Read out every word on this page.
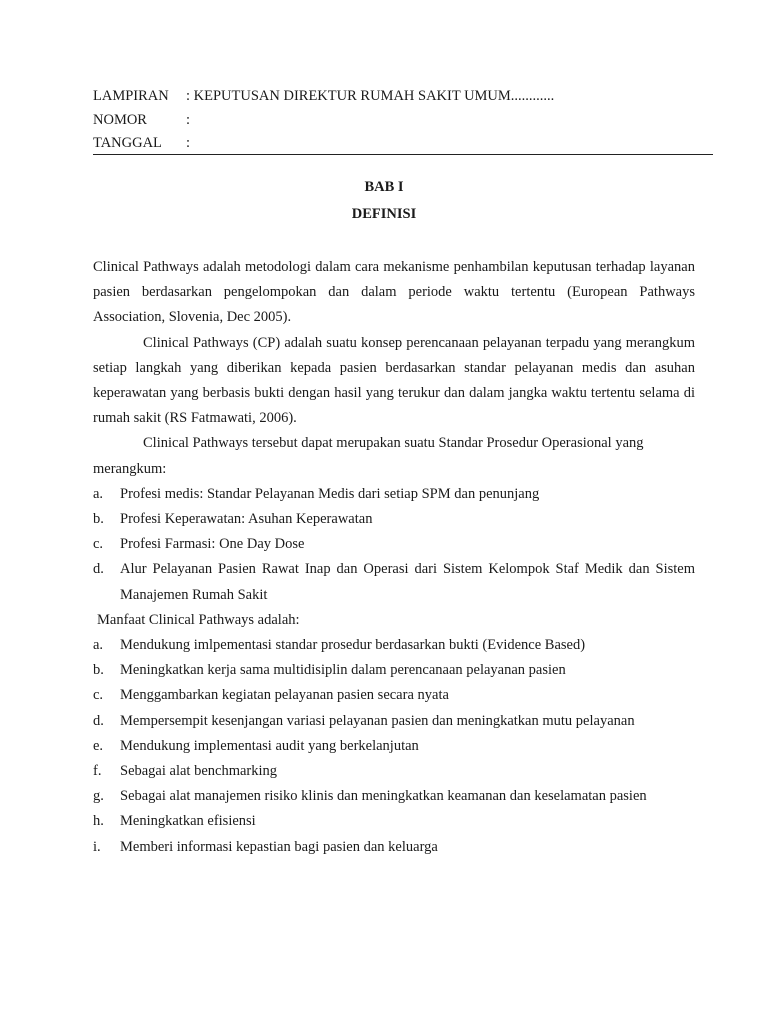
LAMPIRAN	: KEPUTUSAN DIREKTUR RUMAH SAKIT UMUM............
NOMOR	:
TANGGAL	:
BAB I
DEFINISI

Clinical Pathways adalah metodologi dalam cara mekanisme penhambilan keputusan terhadap layanan pasien berdasarkan pengelompokan dan dalam periode waktu tertentu (European Pathways Association, Slovenia, Dec 2005).

Clinical Pathways (CP) adalah suatu konsep perencanaan pelayanan terpadu yang merangkum setiap langkah yang diberikan kepada pasien berdasarkan standar pelayanan medis dan asuhan keperawatan yang berbasis bukti dengan hasil yang terukur dan dalam jangka waktu tertentu selama di rumah sakit (RS Fatmawati, 2006).

Clinical Pathways tersebut dapat merupakan suatu Standar Prosedur Operasional yang

merangkum:

a.	Profesi medis: Standar Pelayanan Medis dari setiap SPM dan penunjang
b.	Profesi Keperawatan: Asuhan Keperawatan
c.	Profesi Farmasi: One Day Dose
d.	Alur Pelayanan Pasien Rawat Inap dan Operasi dari Sistem Kelompok Staf Medik dan Sistem Manajemen Rumah Sakit
Manfaat Clinical Pathways adalah:
a.	Mendukung imlpementasi standar prosedur berdasarkan bukti (Evidence Based)
b.	Meningkatkan kerja sama multidisiplin dalam perencanaan pelayanan pasien
c.	Menggambarkan kegiatan pelayanan pasien secara nyata
d.	Mempersempit kesenjangan variasi pelayanan pasien dan meningkatkan mutu pelayanan
e.	Mendukung implementasi audit yang berkelanjutan
f.	Sebagai alat benchmarking
g.	Sebagai alat manajemen risiko klinis dan meningkatkan keamanan dan keselamatan pasien
h.	Meningkatkan efisiensi
i.	Memberi informasi kepastian bagi pasien dan keluarga
